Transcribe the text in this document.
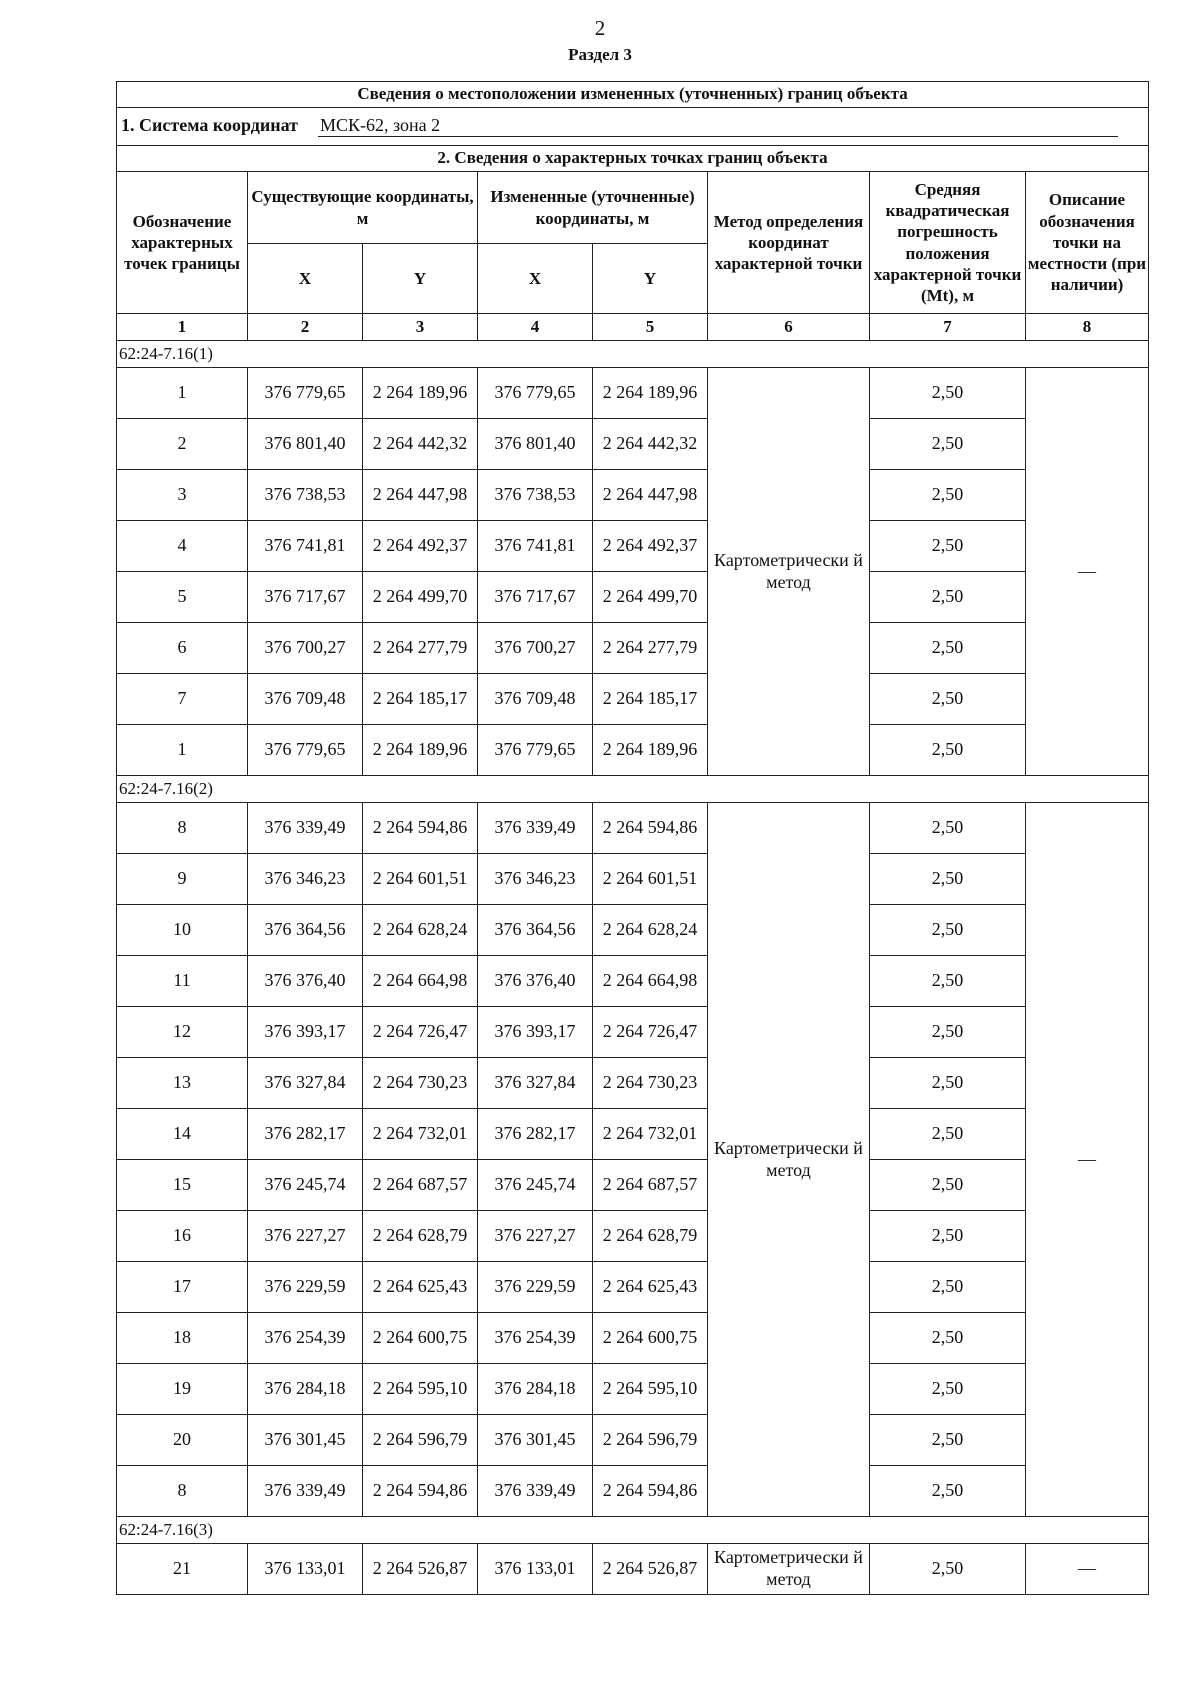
2
Раздел 3
Сведения о местоположении измененных (уточненных) границ объекта							
1. Система координат МСК-62, зона 2							
2. Сведения о характерных точках границ объекта							
Обозначение характерных точек границы	Существующие координаты, м		Измененные (уточненные) координаты, м		Метод определения координат характерной точки	Средняя квадратическая погрешность положения характерной точки (Mt), м	Описание обозначения точки на местности (при наличии)
	X	Y	X	Y			
1	2	3	4	5	6	7	8
62:24-7.16(1)							
1	376 779,65	2 264 189,96	376 779,65	2 264 189,96	Картометрически й метод	2,50	—
2	376 801,40	2 264 442,32	376 801,40	2 264 442,32		2,50	
3	376 738,53	2 264 447,98	376 738,53	2 264 447,98		2,50	
4	376 741,81	2 264 492,37	376 741,81	2 264 492,37		2,50	
5	376 717,67	2 264 499,70	376 717,67	2 264 499,70		2,50	
6	376 700,27	2 264 277,79	376 700,27	2 264 277,79		2,50	
7	376 709,48	2 264 185,17	376 709,48	2 264 185,17		2,50	
1	376 779,65	2 264 189,96	376 779,65	2 264 189,96		2,50	
62:24-7.16(2)							
8	376 339,49	2 264 594,86	376 339,49	2 264 594,86	Картометрически й метод	2,50	—
9	376 346,23	2 264 601,51	376 346,23	2 264 601,51		2,50	
10	376 364,56	2 264 628,24	376 364,56	2 264 628,24		2,50	
11	376 376,40	2 264 664,98	376 376,40	2 264 664,98		2,50	
12	376 393,17	2 264 726,47	376 393,17	2 264 726,47		2,50	
13	376 327,84	2 264 730,23	376 327,84	2 264 730,23		2,50	
14	376 282,17	2 264 732,01	376 282,17	2 264 732,01		2,50	
15	376 245,74	2 264 687,57	376 245,74	2 264 687,57		2,50	
16	376 227,27	2 264 628,79	376 227,27	2 264 628,79		2,50	
17	376 229,59	2 264 625,43	376 229,59	2 264 625,43		2,50	
18	376 254,39	2 264 600,75	376 254,39	2 264 600,75		2,50	
19	376 284,18	2 264 595,10	376 284,18	2 264 595,10		2,50	
20	376 301,45	2 264 596,79	376 301,45	2 264 596,79		2,50	
8	376 339,49	2 264 594,86	376 339,49	2 264 594,86		2,50	
62:24-7.16(3)							
21	376 133,01	2 264 526,87	376 133,01	2 264 526,87	Картометрически й метод	2,50	—
